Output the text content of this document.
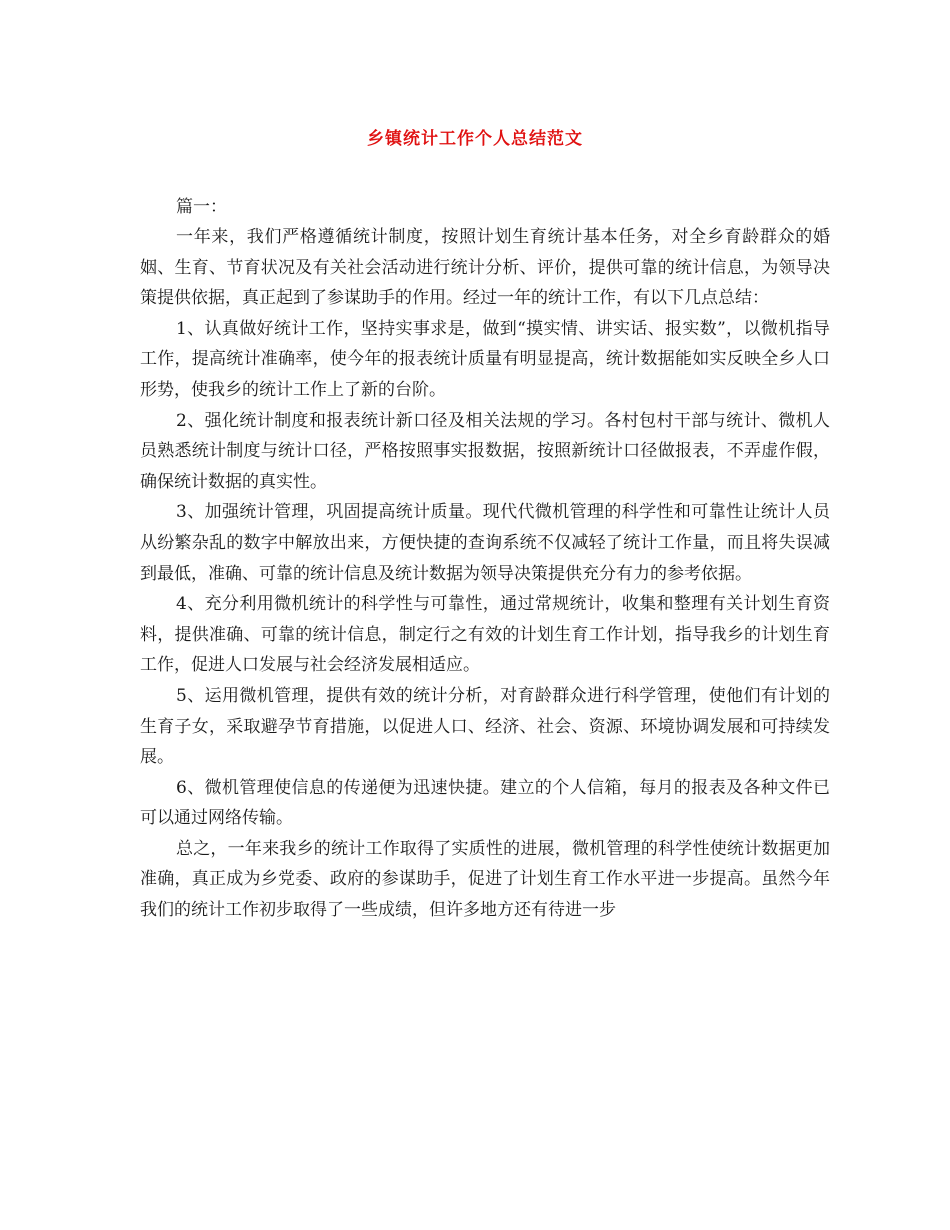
乡镇统计工作个人总结范文

篇一：

一年来，我们严格遵循统计制度，按照计划生育统计基本任务，对全乡育龄群众的婚姻、生育、节育状况及有关社会活动进行统计分析、评价，提供可靠的统计信息，为领导决策提供依据，真正起到了参谋助手的作用。经过一年的统计工作，有以下几点总结：

1、认真做好统计工作，坚持实事求是，做到“摸实情、讲实话、报实数”，以微机指导工作，提高统计准确率，使今年的报表统计质量有明显提高，统计数据能如实反映全乡人口形势，使我乡的统计工作上了新的台阶。

2、强化统计制度和报表统计新口径及相关法规的学习。各村包村干部与统计、微机人员熟悉统计制度与统计口径，严格按照事实报数据，按照新统计口径做报表，不弄虚作假，确保统计数据的真实性。

3、加强统计管理，巩固提高统计质量。现代代微机管理的科学性和可靠性让统计人员从纷繁杂乱的数字中解放出来，方便快捷的查询系统不仅减轻了统计工作量，而且将失误减到最低，准确、可靠的统计信息及统计数据为领导决策提供充分有力的参考依据。

4、充分利用微机统计的科学性与可靠性，通过常规统计，收集和整理有关计划生育资料，提供准确、可靠的统计信息，制定行之有效的计划生育工作计划，指导我乡的计划生育工作，促进人口发展与社会经济发展相适应。

5、运用微机管理，提供有效的统计分析，对育龄群众进行科学管理，使他们有计划的生育子女，采取避孕节育措施，以促进人口、经济、社会、资源、环境协调发展和可持续发展。

6、微机管理使信息的传递便为迅速快捷。建立的个人信箱，每月的报表及各种文件已可以通过网络传输。

总之，一年来我乡的统计工作取得了实质性的进展，微机管理的科学性使统计数据更加准确，真正成为乡党委、政府的参谋助手，促进了计划生育工作水平进一步提高。虽然今年我们的统计工作初步取得了一些成绩，但许多地方还有待进一步
